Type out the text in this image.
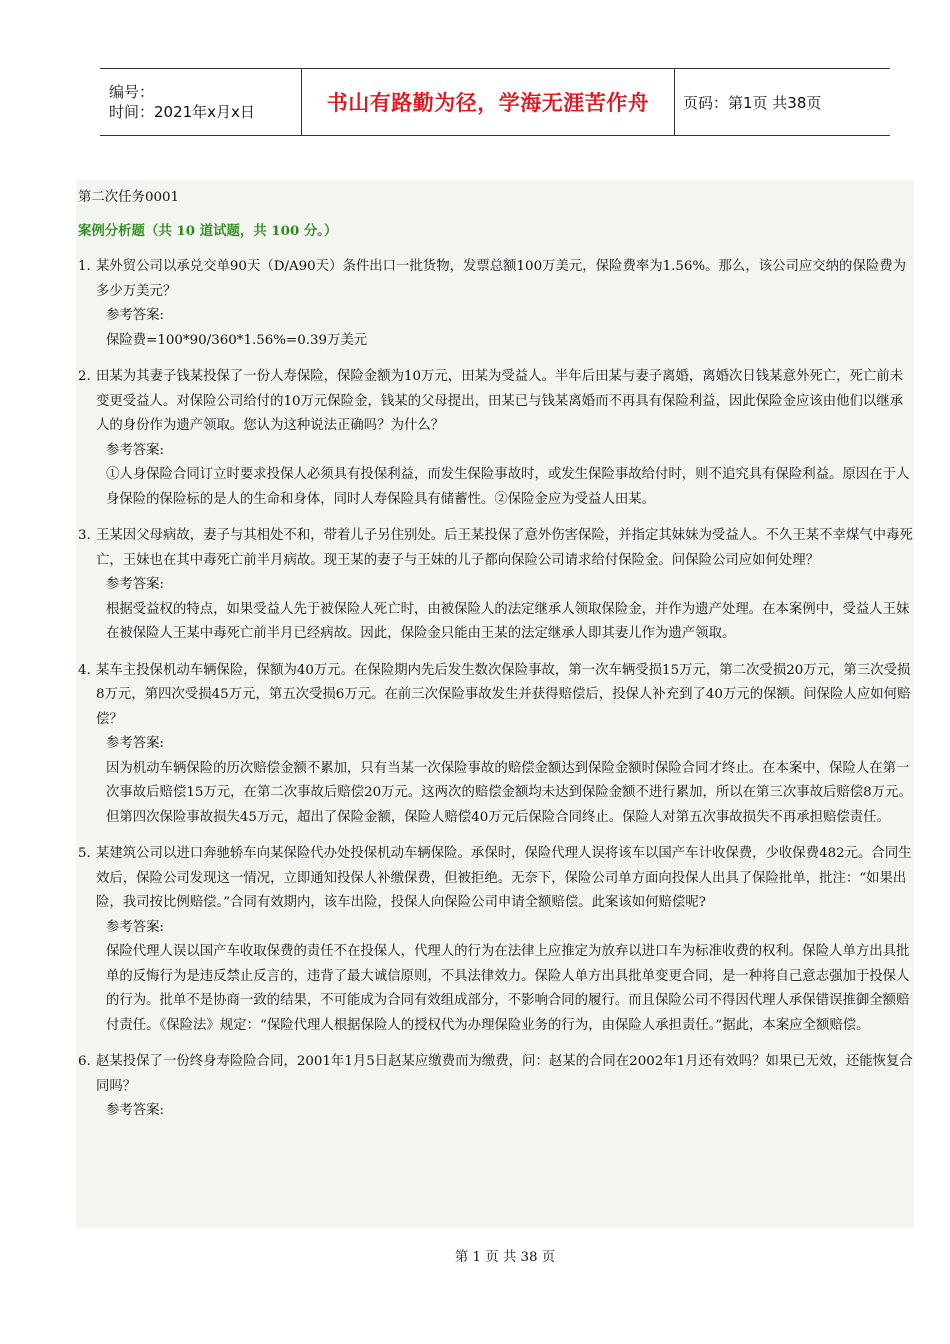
编号：
时间：2021年x月x日	书山有路勤为径，学海无涯苦作舟 页码：第1页 共38页
第二次任务0001
案例分析题（共 10 道试题，共 100 分。）
1. 某外贸公司以承兑交单90天（D/A90天）条件出口一批货物，发票总额100万美元，保险费率为1.56%。那么，该公司应交纳的保险费为多少万美元？
参考答案:
保险费=100*90/360*1.56%=0.39万美元
2. 田某为其妻子钱某投保了一份人寿保险，保险金额为10万元，田某为受益人。半年后田某与妻子离婚，离婚次日钱某意外死亡，死亡前未变更受益人。对保险公司给付的10万元保险金，钱某的父母提出，田某已与钱某离婚而不再具有保险利益，因此保险金应该由他们以继承人的身份作为遗产领取。您认为这种说法正确吗？为什么？
参考答案:
①人身保险合同订立时要求投保人必须具有投保利益，而发生保险事故时，或发生保险事故给付时，则不追究具有保险利益。原因在于人身保险的保险标的是人的生命和身体，同时人寿保险具有储蓄性。②保险金应为受益人田某。
3. 王某因父母病故，妻子与其相处不和，带着儿子另住别处。后王某投保了意外伤害保险，并指定其妹妹为受益人。不久王某不幸煤气中毒死亡，王妹也在其中毒死亡前半月病故。现王某的妻子与王妹的儿子都向保险公司请求给付保险金。问保险公司应如何处理？
参考答案:
根据受益权的特点，如果受益人先于被保险人死亡时，由被保险人的法定继承人领取保险金，并作为遗产处理。在本案例中，受益人王妹在被保险人王某中毒死亡前半月已经病故。因此，保险金只能由王某的法定继承人即其妻儿作为遗产领取。
4. 某车主投保机动车辆保险，保额为40万元。在保险期内先后发生数次保险事故，第一次车辆受损15万元，第二次受损20万元，第三次受损8万元，第四次受损45万元，第五次受损6万元。在前三次保险事故发生并获得赔偿后，投保人补充到了40万元的保额。问保险人应如何赔偿？
参考答案:
因为机动车辆保险的历次赔偿金额不累加，只有当某一次保险事故的赔偿金额达到保险金额时保险合同才终止。在本案中，保险人在第一次事故后赔偿15万元，在第二次事故后赔偿20万元。这两次的赔偿金额均未达到保险金额不进行累加，所以在第三次事故后赔偿8万元。但第四次保险事故损失45万元，超出了保险金额，保险人赔偿40万元后保险合同终止。保险人对第五次事故损失不再承担赔偿责任。
5. 某建筑公司以进口奔驰轿车向某保险代办处投保机动车辆保险。承保时，保险代理人误将该车以国产车计收保费，少收保费482元。合同生效后，保险公司发现这一情况，立即通知投保人补缴保费，但被拒绝。无奈下，保险公司单方面向投保人出具了保险批单，批注：“如果出险，我司按比例赔偿。”合同有效期内，该车出险，投保人向保险公司申请全额赔偿。此案该如何赔偿呢?
参考答案:
保险代理人误以国产车收取保费的责任不在投保人，代理人的行为在法律上应推定为放弃以进口车为标准收费的权利。保险人单方出具批单的反悔行为是违反禁止反言的，违背了最大诚信原则，不具法律效力。保险人单方出具批单变更合同，是一种将自己意志强加于投保人的行为。批单不是协商一致的结果，不可能成为合同有效组成部分，不影响合同的履行。而且保险公司不得因代理人承保错误推御全额赔付责任。《保险法》规定：“保险代理人根据保险人的授权代为办理保险业务的行为，由保险人承担责任。”据此，本案应全额赔偿。
6. 赵某投保了一份终身寿险险合同，2001年1月5日赵某应缴费而为缴费，问：赵某的合同在2002年1月还有效吗？如果已无效，还能恢复合同吗？
参考答案:
第 1 页 共 38 页
